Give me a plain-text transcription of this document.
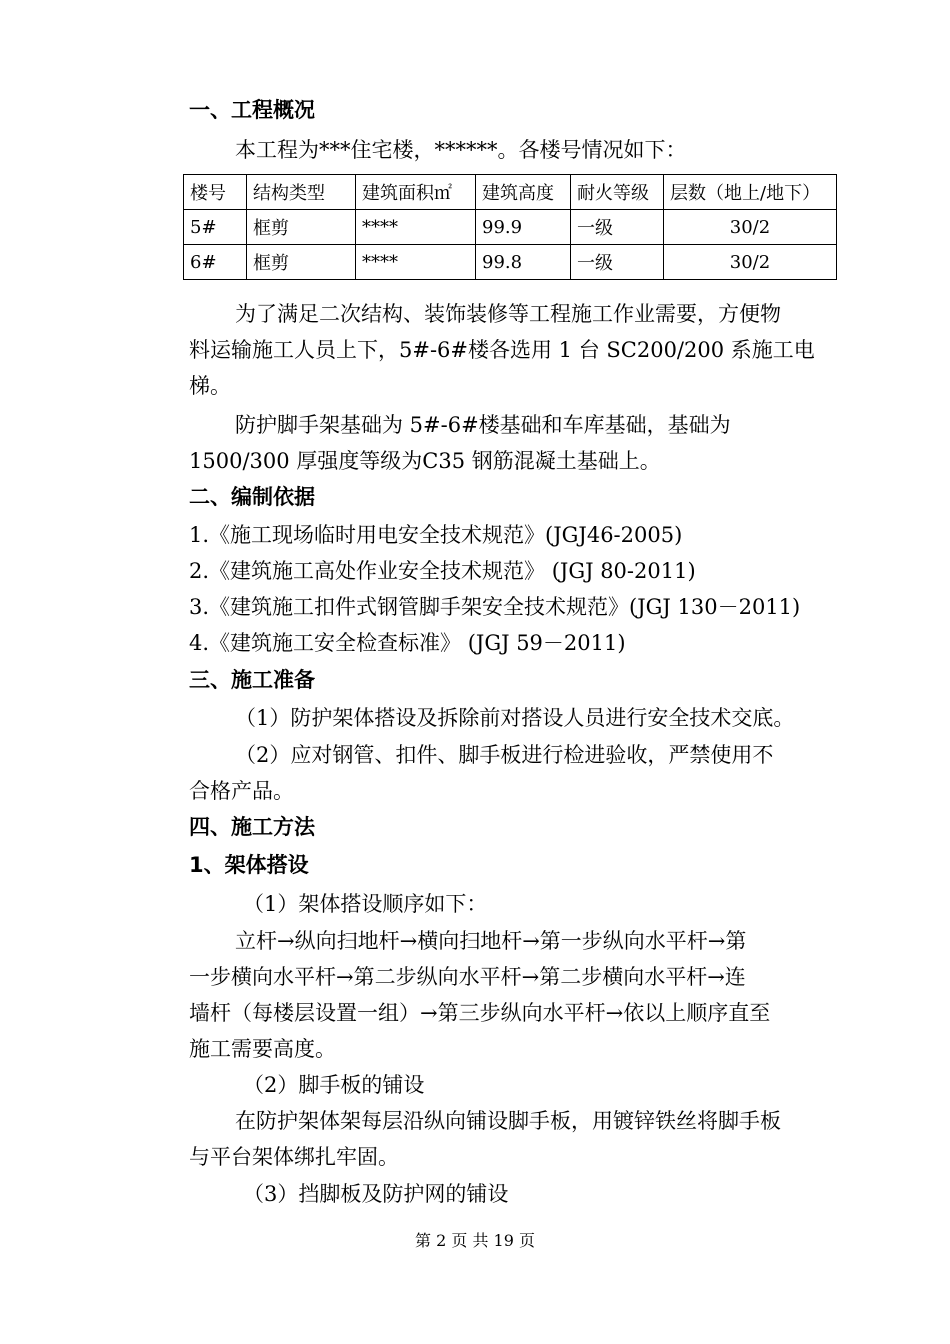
一、工程概况
本工程为***住宅楼，******。各楼号情况如下：
楼号	结构类型	建筑面积㎡	建筑高度	耐火等级	层数（地上/地下）
5#	框剪	****	99.9	一级	30/2
6#	框剪	****	99.8	一级	30/2
为了满足二次结构、装饰装修等工程施工作业需要，方便物
料运输施工人员上下，5#-6#楼各选用 1 台 SC200/200 系施工电
梯。
防护脚手架基础为 5#-6#楼基础和车库基础，基础为
1500/300 厚强度等级为C35 钢筋混凝土基础上。
二、编制依据
1.《施工现场临时用电安全技术规范》(JGJ46-2005)
2.《建筑施工高处作业安全技术规范》 (JGJ 80-2011)
3.《建筑施工扣件式钢管脚手架安全技术规范》(JGJ 130－2011)
4.《建筑施工安全检查标准》 (JGJ 59－2011)
三、施工准备
（1）防护架体搭设及拆除前对搭设人员进行安全技术交底。
（2）应对钢管、扣件、脚手板进行检进验收，严禁使用不
合格产品。
四、施工方法
1、架体搭设
（1）架体搭设顺序如下：
立杆→纵向扫地杆→横向扫地杆→第一步纵向水平杆→第
一步横向水平杆→第二步纵向水平杆→第二步横向水平杆→连
墙杆（每楼层设置一组）→第三步纵向水平杆→依以上顺序直至
施工需要高度。
（2）脚手板的铺设
在防护架体架每层沿纵向铺设脚手板，用镀锌铁丝将脚手板
与平台架体绑扎牢固。
（3）挡脚板及防护网的铺设
第 2 页 共 19 页
